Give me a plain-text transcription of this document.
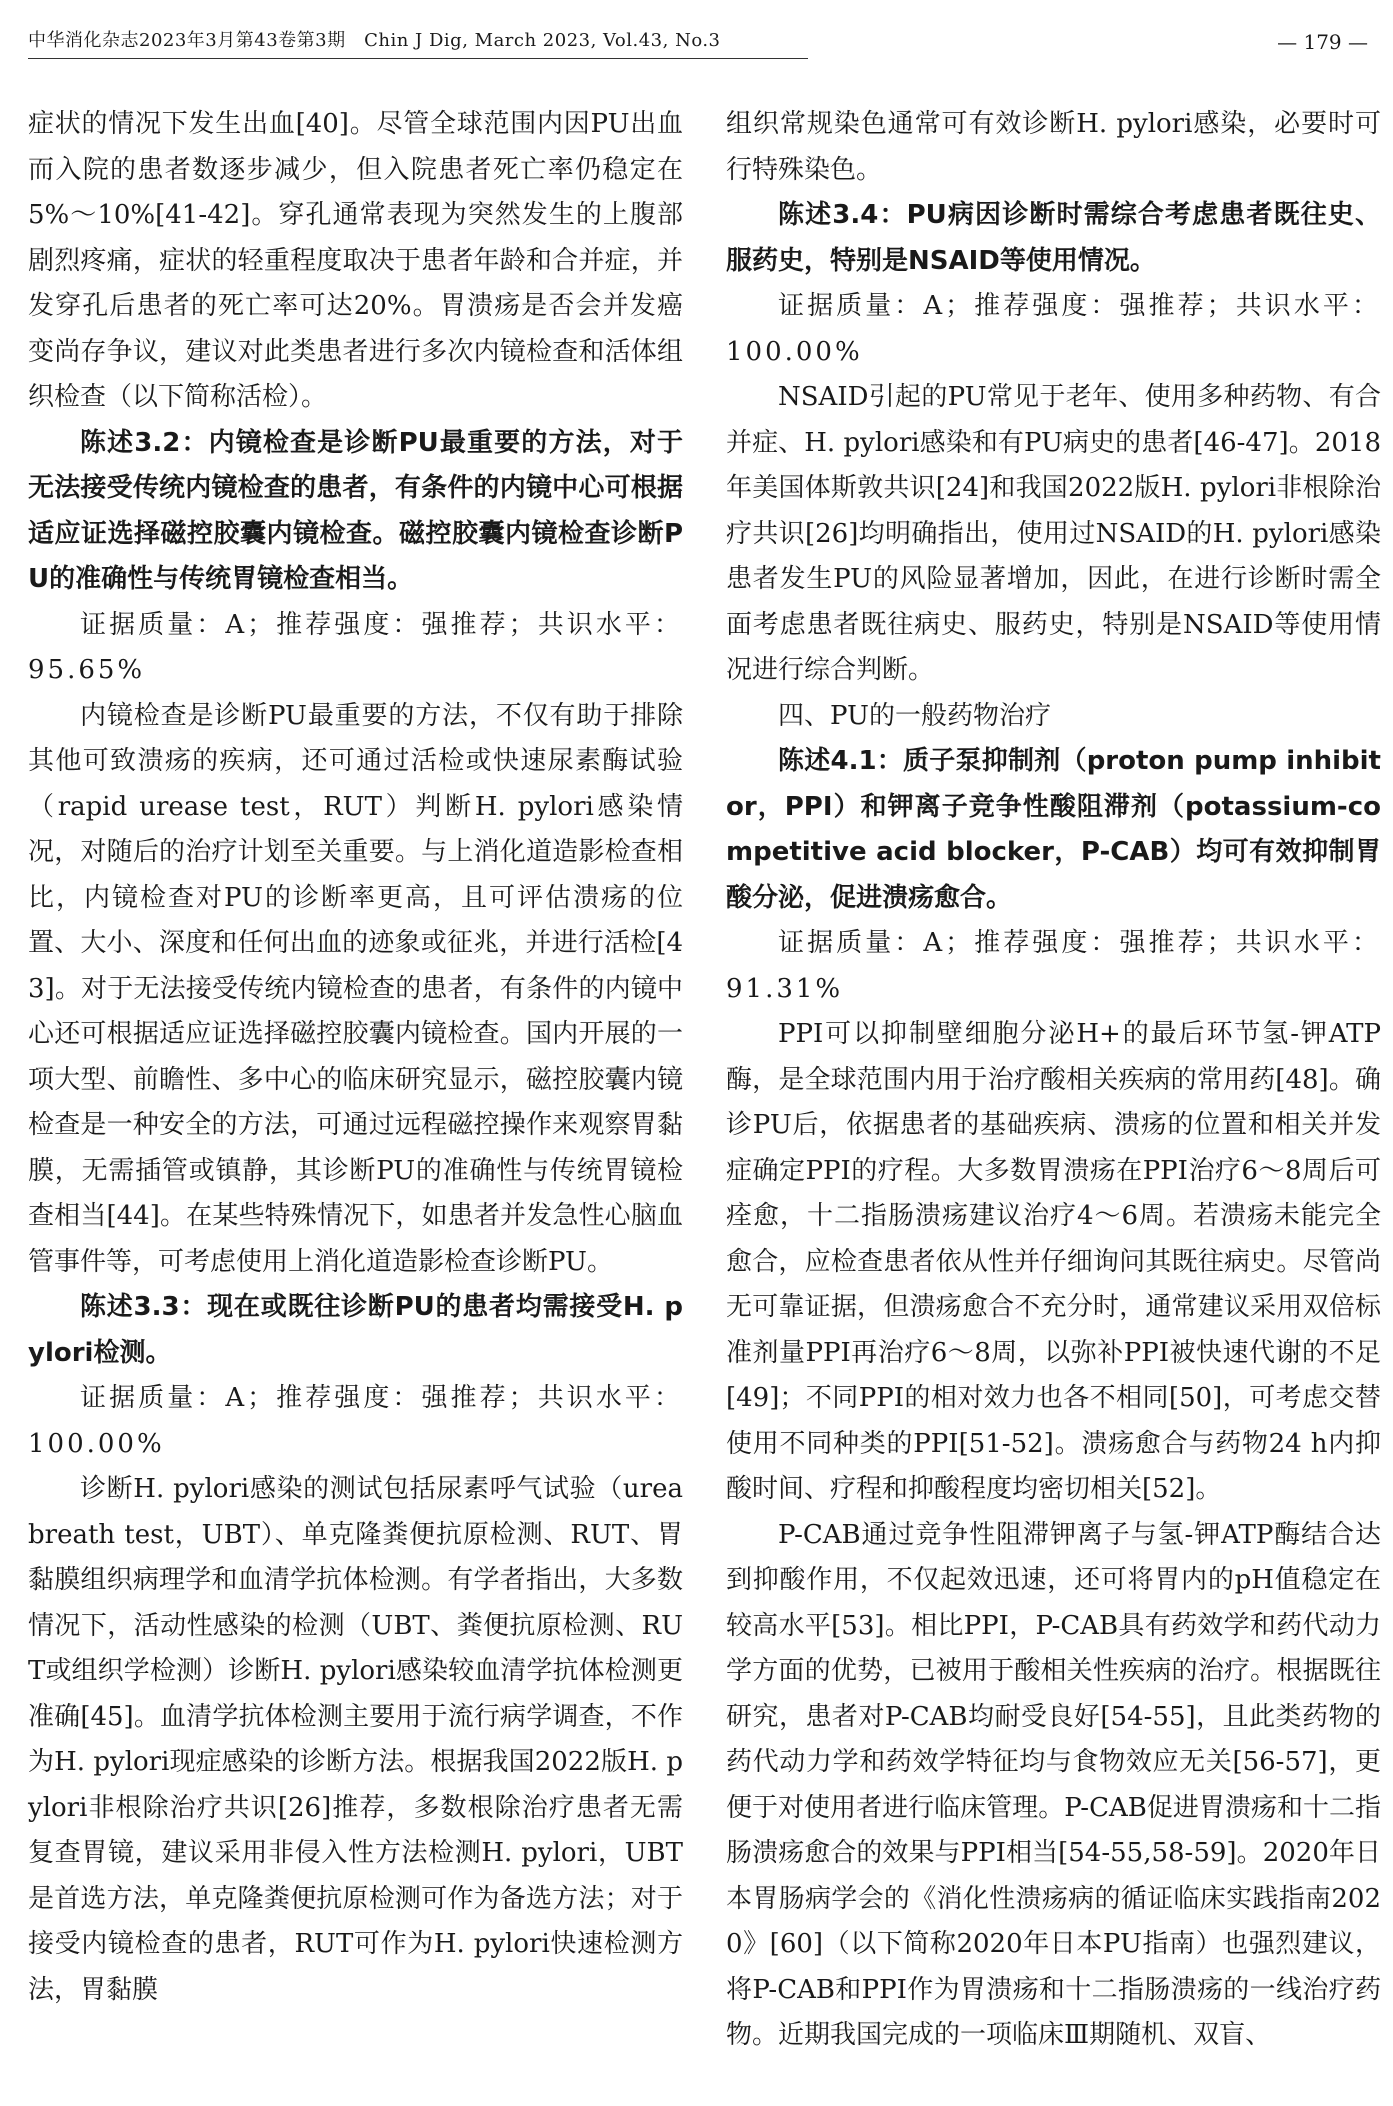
中华消化杂志2023年3月第43卷第3期　Chin J Dig, March 2023, Vol.43, No.3	— 179 —

症状的情况下发生出血[40]。尽管全球范围内因PU出血而入院的患者数逐步减少，但入院患者死亡率仍稳定在5%～10%[41-42]。穿孔通常表现为突然发生的上腹部剧烈疼痛，症状的轻重程度取决于患者年龄和合并症，并发穿孔后患者的死亡率可达20%。胃溃疡是否会并发癌变尚存争议，建议对此类患者进行多次内镜检查和活体组织检查（以下简称活检）。

陈述3.2：内镜检查是诊断PU最重要的方法，对于无法接受传统内镜检查的患者，有条件的内镜中心可根据适应证选择磁控胶囊内镜检查。磁控胶囊内镜检查诊断PU的准确性与传统胃镜检查相当。

证据质量：A；推荐强度：强推荐；共识水平：95.65%

内镜检查是诊断PU最重要的方法，不仅有助于排除其他可致溃疡的疾病，还可通过活检或快速尿素酶试验（rapid urease test，RUT）判断H. pylori感染情况，对随后的治疗计划至关重要。与上消化道造影检查相比，内镜检查对PU的诊断率更高，且可评估溃疡的位置、大小、深度和任何出血的迹象或征兆，并进行活检[43]。对于无法接受传统内镜检查的患者，有条件的内镜中心还可根据适应证选择磁控胶囊内镜检查。国内开展的一项大型、前瞻性、多中心的临床研究显示，磁控胶囊内镜检查是一种安全的方法，可通过远程磁控操作来观察胃黏膜，无需插管或镇静，其诊断PU的准确性与传统胃镜检查相当[44]。在某些特殊情况下，如患者并发急性心脑血管事件等，可考虑使用上消化道造影检查诊断PU。

陈述3.3：现在或既往诊断PU的患者均需接受H. pylori检测。

证据质量：A；推荐强度：强推荐；共识水平：100.00%

诊断H. pylori感染的测试包括尿素呼气试验（urea breath test，UBT）、单克隆粪便抗原检测、RUT、胃黏膜组织病理学和血清学抗体检测。有学者指出，大多数情况下，活动性感染的检测（UBT、粪便抗原检测、RUT或组织学检测）诊断H. pylori感染较血清学抗体检测更准确[45]。血清学抗体检测主要用于流行病学调查，不作为H. pylori现症感染的诊断方法。根据我国2022版H. pylori非根除治疗共识[26]推荐，多数根除治疗患者无需复查胃镜，建议采用非侵入性方法检测H. pylori，UBT是首选方法，单克隆粪便抗原检测可作为备选方法；对于接受内镜检查的患者，RUT可作为H. pylori快速检测方法，胃黏膜

组织常规染色通常可有效诊断H. pylori感染，必要时可行特殊染色。

陈述3.4：PU病因诊断时需综合考虑患者既往史、服药史，特别是NSAID等使用情况。

证据质量：A；推荐强度：强推荐；共识水平：100.00%

NSAID引起的PU常见于老年、使用多种药物、有合并症、H. pylori感染和有PU病史的患者[46-47]。2018年美国体斯敦共识[24]和我国2022版H. pylori非根除治疗共识[26]均明确指出，使用过NSAID的H. pylori感染患者发生PU的风险显著增加，因此，在进行诊断时需全面考虑患者既往病史、服药史，特别是NSAID等使用情况进行综合判断。

四、PU的一般药物治疗

陈述4.1：质子泵抑制剂（proton pump inhibitor，PPI）和钾离子竞争性酸阻滞剂（potassium-competitive acid blocker，P-CAB）均可有效抑制胃酸分泌，促进溃疡愈合。

证据质量：A；推荐强度：强推荐；共识水平：91.31%

PPI可以抑制壁细胞分泌H+的最后环节氢-钾ATP酶，是全球范围内用于治疗酸相关疾病的常用药[48]。确诊PU后，依据患者的基础疾病、溃疡的位置和相关并发症确定PPI的疗程。大多数胃溃疡在PPI治疗6～8周后可痊愈，十二指肠溃疡建议治疗4～6周。若溃疡未能完全愈合，应检查患者依从性并仔细询问其既往病史。尽管尚无可靠证据，但溃疡愈合不充分时，通常建议采用双倍标准剂量PPI再治疗6～8周，以弥补PPI被快速代谢的不足[49]；不同PPI的相对效力也各不相同[50]，可考虑交替使用不同种类的PPI[51-52]。溃疡愈合与药物24 h内抑酸时间、疗程和抑酸程度均密切相关[52]。

P-CAB通过竞争性阻滞钾离子与氢-钾ATP酶结合达到抑酸作用，不仅起效迅速，还可将胃内的pH值稳定在较高水平[53]。相比PPI，P-CAB具有药效学和药代动力学方面的优势，已被用于酸相关性疾病的治疗。根据既往研究，患者对P-CAB均耐受良好[54-55]，且此类药物的药代动力学和药效学特征均与食物效应无关[56-57]，更便于对使用者进行临床管理。P-CAB促进胃溃疡和十二指肠溃疡愈合的效果与PPI相当[54-55,58-59]。2020年日本胃肠病学会的《消化性溃疡病的循证临床实践指南2020》[60]（以下简称2020年日本PU指南）也强烈建议，将P-CAB和PPI作为胃溃疡和十二指肠溃疡的一线治疗药物。近期我国完成的一项临床Ⅲ期随机、双盲、
